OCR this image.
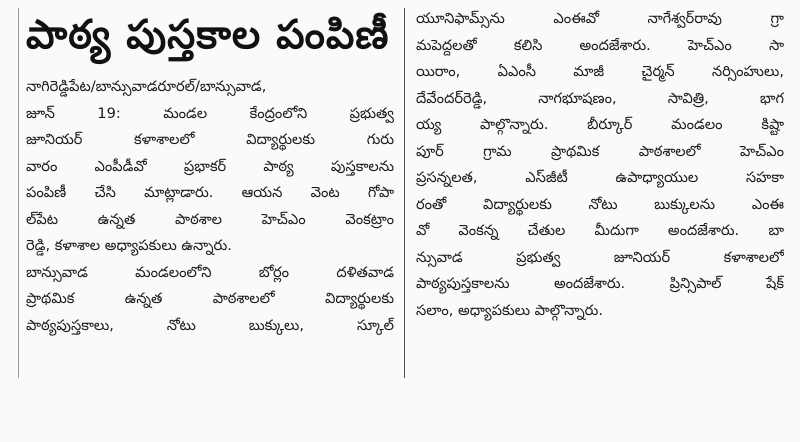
పాఠ్య పుస్తకాల పంపిణీ
నాగిరెడ్డిపేట/బాన్సువాడరూరల్/బాన్సువాడ,
జూన్ 19: మండల కేంద్రంలోని ప్రభుత్వ
జూనియర్ కళాశాలలో విద్యార్థులకు గురు
వారం ఎంపీడీవో ప్రభాకర్ పాఠ్య పుస్తకాలను
పంపిణీ చేసి మాట్లాడారు. ఆయన వెంట గోపా
ల్‌పేట ఉన్నత పాఠశాల హెచ్‌ఎం వెంకట్రాం
రెడ్డి, కళాశాల అధ్యాపకులు ఉన్నారు.
బాన్సువాడ మండలంలోని బోర్లం దళితవాడ
ప్రాథమిక ఉన్నత పాఠశాలలో విద్యార్థులకు
పాఠ్యపుస్తకాలు, నోటు బుక్కులు, స్కూల్
యూనిఫామ్స్‌ను ఎంఈవో నాగేశ్వర్‌రావు గ్రా
మపెద్దలతో కలిసి అందజేశారు. హెచ్‌ఎం సా
యిరాం, ఏఎంసీ మాజీ చైర్మన్ నర్సింహులు,
దేవేందర్‌రెడ్డి, నాగభూషణం, సావిత్రి, భాగ
య్య పాల్గొన్నారు. బీర్కూర్ మండలం కిష్టా
పూర్ గ్రామ ప్రాథమిక పాఠశాలలో హెచ్‌ఎం
ప్రసన్నలత, ఎస్‌జీటీ ఉపాధ్యాయుల సహకా
రంతో విద్యార్థులకు నోటు బుక్కులను ఎంఈ
వో వెంకన్న చేతుల మీదుగా అందజేశారు. బా
న్సువాడ ప్రభుత్వ జూనియర్ కళాశాలలో
పాఠ్యపుస్తకాలను అందజేశారు. ప్రిన్సిపాల్ షేక్
సలాం, అధ్యాపకులు పాల్గొన్నారు.
